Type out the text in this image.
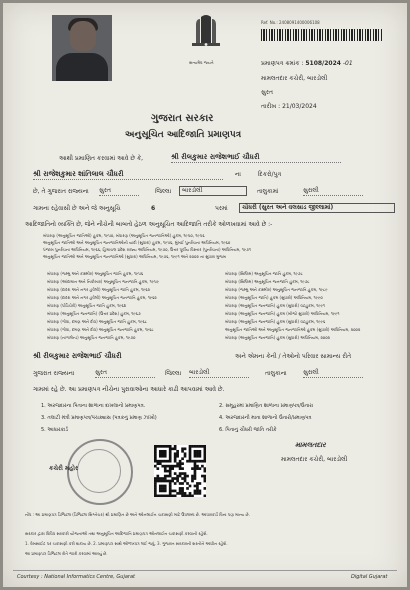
સત્યમેવ જયતે
Ref. No.: 2408091400006108
પ્રમાણપત્ર ક્રમાંક : 5108/2024 -01
મામલતદાર કચેરી, બારડોલી
સુરત
તારીખ : 21/03/2024
ગુજરાત સરકાર
અનુસૂચિત આદિજાતિ પ્રમાણપત્ર
આથી પ્રમાણિત કરવામાં આવે છે કે,	શ્રી રીલકુમાર રાજેશભાઈ ચૌધરી
શ્રી રાજેશકુમાર શાંતિલાલ ચૌધરી	ના	દિકરો/પુત્ર
છે, તે ગુજરાત રાજ્યના સુરત	જિલ્લા	બારડોલી	તાલુકામાં	સુરાલી
ગામના રહેવાસી છે અને જે અનુસૂચિ	6	પરમાં	ચૌધરી (સુરત અને વલસાડ જીલ્લામાં)
આદિજાતિનો વ્યક્તિ છે, જેને નીચેની બાબતો હેઠળ અનુસૂચિત આદિજાતિ તરીકે ઓળખવામાં આવે છે :-
બંધારણ (અનુસૂચિત જાતિઓ) હુકમ, ૧૯૫૦, બંધારણ (અનુસૂચિત જનજાતિઓ) હુકમ, ૧૯૫૦, ૧૯૫૬
અનુસૂચિત જાતિઓ અને અનુસૂચિત જનજાતિઓની યાદી (સુધારા) હુકમ, ૧૯૫૬, મુંબઈ પુનર્રચના અધિનિયમ, ૧૯૬૦
પંજાબ પુનર્રચના અધિનિયમ, ૧૯૬૬, હિમાચલ પ્રદેશ રાજ્ય અધિનિયમ, ૧૯૭૦, ઉત્તર પૂર્વીય વિસ્તાર (પુનર્રચના) અધિનિયમ, ૧૯૭૧
અનુસૂચિત જાતિઓ અને અનુસૂચિત જનજાતિઓ (સુધારા) અધિનિયમ, ૧૯૭૬, ૧૯૯૧ અને ૨૦૦૨ ના સુધારા મુજબ
બંધારણ (જમ્મુ અને કાશ્મીર) અનુસૂચિત જાતિ હુકમ, ૧૯૫૬
બંધારણ (આંદામાન અને નિકોબાર) અનુસૂચિત જનજાતિ હુકમ, ૧૯૫૯
બંધારણ (દાદરા અને નગર હવેલી) અનુસૂચિત જાતિ હુકમ, ૧૯૬૨
બંધારણ (દાદરા અને નગર હવેલી) અનુસૂચિત જનજાતિ હુકમ, ૧૯૬૨
બંધારણ (પોંડિચેરી) અનુસૂચિત જાતિ હુકમ, ૧૯૬૪
બંધારણ (અનુસૂચિત જનજાતિ) (ઉત્તર પ્રદેશ) હુકમ, ૧૯૬૭
બંધારણ (ગોવા, દમણ અને દીવ) અનુસૂચિત જાતિ હુકમ, ૧૯૬૮
બંધારણ (ગોવા, દમણ અને દીવ) અનુસૂચિત જનજાતિ હુકમ, ૧૯૬૮
બંધારણ (નાગાલેન્ડ) અનુસૂચિત જનજાતિ હુકમ, ૧૯૭૦
બંધારણ (સિક્કિમ) અનુસૂચિત જાતિ હુકમ, ૧૯૭૮
બંધારણ (સિક્કિમ) અનુસૂચિત જનજાતિ હુકમ, ૧૯૭૮
બંધારણ (જમ્મુ અને કાશ્મીર) અનુસૂચિત જનજાતિ હુકમ, ૧૯૮૯
બંધારણ (અનુસૂચિત જાતિ) હુકમ (સુધારો) અધિનિયમ, ૧૯૯૦
બંધારણ (અનુસૂચિત જનજાતિ) હુકમ (સુધારો) વટહુકમ, ૧૯૯૧
બંધારણ (અનુસૂચિત જનજાતિ) હુકમ (બીજો સુધારો) અધિનિયમ, ૧૯૯૧
બંધારણ (અનુસૂચિત જનજાતિ) હુકમ (સુધારો) વટહુકમ, ૧૯૯૬
અનુસૂચિત જાતિઓ અને અનુસૂચિત જનજાતિઓ હુકમ (સુધારો) અધિનિયમ, ૨૦૦૨
બંધારણ (અનુસૂચિત જનજાતિ) હુકમ (સુધારો) અધિનિયમ, ૨૦૦૨
શ્રી રીલકુમાર રાજેશભાઈ ચૌધરી	અને એમના કેની / તેઓનો પરિવાર સામાન્ય રીતે
ગુજરાત રાજ્યના	સુરત	જિલ્લા બારડોલી	તાલુકાના	સુરાલી
ગામમાં રહે છે. આ પ્રમાણપત્ર નીચેના પુરાવાઓના આધારે કાઢી આપવામાં આવે છે.
1. અરજદારના પિતાના શાળાના દાખલાનો પ્રમાણપત્ર.	2. સમૂહરમાં પ્રમાણિત શાળાના પ્રમાણપત્ર/ઉતારા
3. તલાટી મંત્રી પ્રમાણપત્ર/પંચક્યાસ (પત્રકનું પ્રમાણ ઝાંખો)	4. અરજદારની માતા શાળાનો ઉતારો/પ્રમાણપત્ર
5. આધારકાર્ડ	6. પિતાનું ચૌધરી જાતિ તરીકે
કચેરી મહોર
મામલતદાર
મામલતદાર કચેરી, બારડોલી
નોંધ : આ પ્રમાણપત્ર ડિજિટલ (ડિજિટલ સિગ્નેચર) થી પ્રમાણિત છે અને ઓનલાઈન ચકાસણી માટે ઉપલબ્ધ છે. આધારકાર્ડ વિના પણ માન્ય છે.
સરકાર દ્વારા વિવિધ સરકારી યોજનાઓ તથા અનુસૂચિત આદિજાતિ પ્રમાણપત્ર ઓનલાઈન ચકાસણી કરવાની રહેશે.
1. વેબસાઈટ પર ચકાસણી કરી શકાય છે. 2. પ્રમાણપત્ર સાથે ઓળખપત્ર લઈ જવું. 3. ગુજરાત સરકારની શરતોને આધીન રહેશે.
આ પ્રમાણપત્ર ડિજિટલ રીતે જારી કરવામાં આવ્યું છે.
Courtesy : National Informatics Centre, Gujarat	Digital Gujarat
